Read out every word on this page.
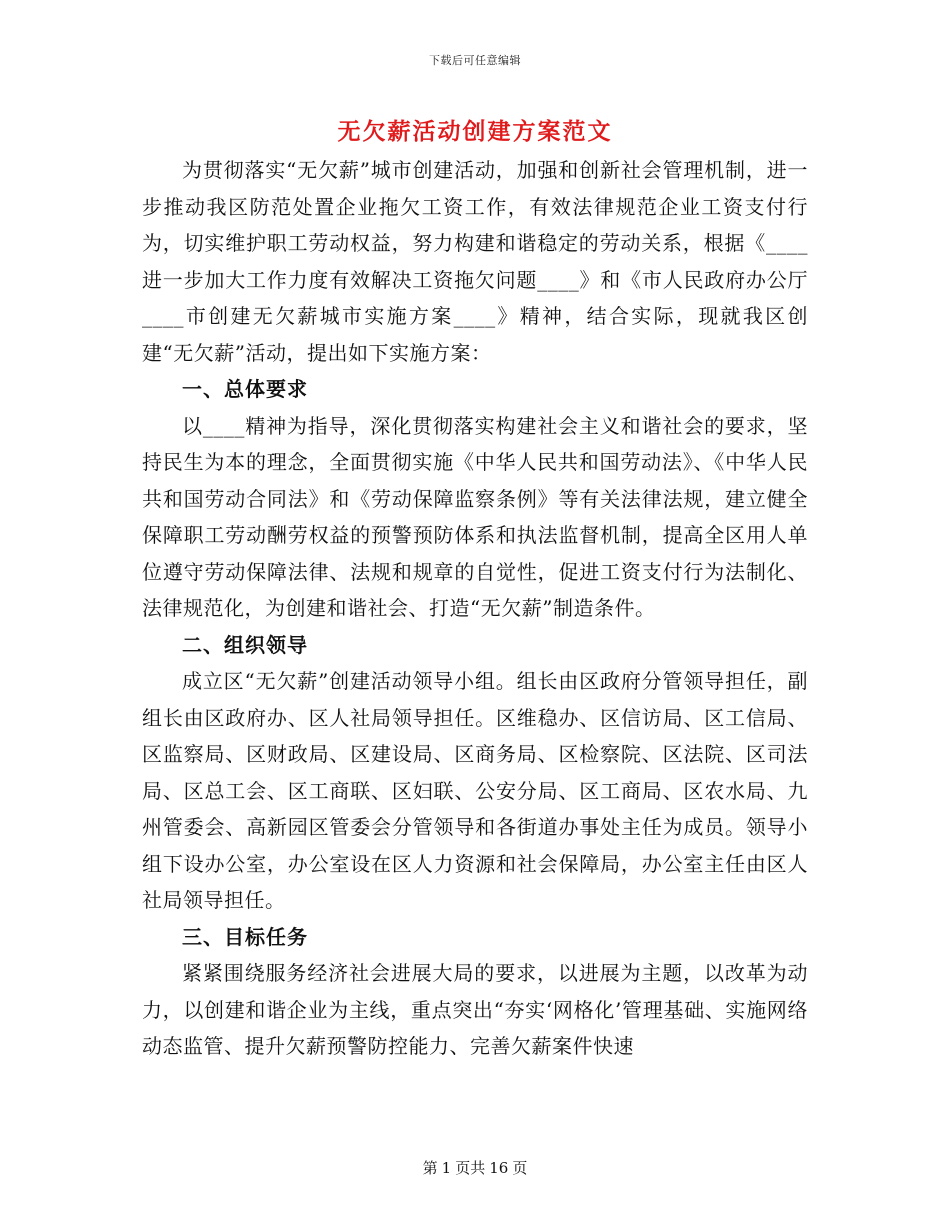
下载后可任意编辑
无欠薪活动创建方案范文

为贯彻落实“无欠薪”城市创建活动，加强和创新社会管理机制，进一步推动我区防范处置企业拖欠工资工作，有效法律规范企业工资支付行为，切实维护职工劳动权益，努力构建和谐稳定的劳动关系，根据《____进一步加大工作力度有效解决工资拖欠问题____》和《市人民政府办公厅____市创建无欠薪城市实施方案____》精神，结合实际，现就我区创建“无欠薪”活动，提出如下实施方案：

一、总体要求

以____精神为指导，深化贯彻落实构建社会主义和谐社会的要求，坚持民生为本的理念，全面贯彻实施《中华人民共和国劳动法》、《中华人民共和国劳动合同法》和《劳动保障监察条例》等有关法律法规，建立健全保障职工劳动酬劳权益的预警预防体系和执法监督机制，提高全区用人单位遵守劳动保障法律、法规和规章的自觉性，促进工资支付行为法制化、法律规范化，为创建和谐社会、打造“无欠薪”制造条件。

二、组织领导

成立区“无欠薪”创建活动领导小组。组长由区政府分管领导担任，副组长由区政府办、区人社局领导担任。区维稳办、区信访局、区工信局、区监察局、区财政局、区建设局、区商务局、区检察院、区法院、区司法局、区总工会、区工商联、区妇联、公安分局、区工商局、区农水局、九州管委会、高新园区管委会分管领导和各街道办事处主任为成员。领导小组下设办公室，办公室设在区人力资源和社会保障局，办公室主任由区人社局领导担任。

三、目标任务

紧紧围绕服务经济社会进展大局的要求，以进展为主题，以改革为动力，以创建和谐企业为主线，重点突出“夯实‘网格化’管理基础、实施网络动态监管、提升欠薪预警防控能力、完善欠薪案件快速

第 1 页共 16 页
